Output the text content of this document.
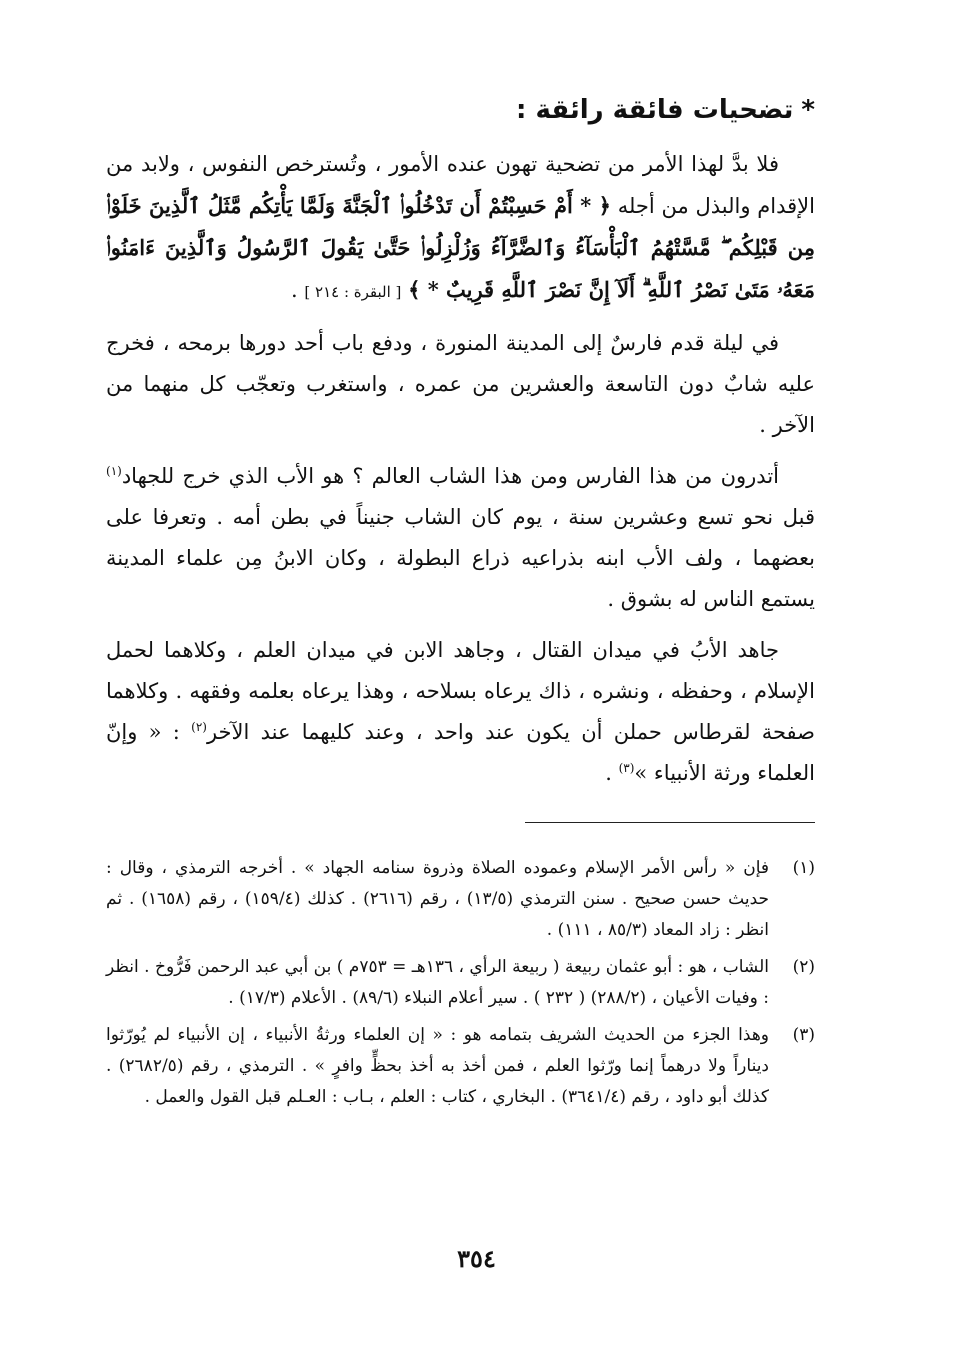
*تضحيات فائقة رائقة :

فلا بدَّ لهذا الأمر من تضحية تهون عنده الأمور ، وتُسترخص النفوس ، ولابد من الإقدام والبذل من أجله ﴿ * أَمْ حَسِبْتُمْ أَن تَدْخُلُوا۟ ٱلْجَنَّةَ وَلَمَّا يَأْتِكُم مَّثَلُ ٱلَّذِينَ خَلَوْا۟ مِن قَبْلِكُم ۖ مَّسَّتْهُمُ ٱلْبَأْسَآءُ وَٱلضَّرَّآءُ وَزُلْزِلُوا۟ حَتَّىٰ يَقُولَ ٱلرَّسُولُ وَٱلَّذِينَ ءَامَنُوا۟ مَعَهُۥ مَتَىٰ نَصْرُ ٱللَّهِ ۗ أَلَآ إِنَّ نَصْرَ ٱللَّهِ قَرِيبٌ * ﴾ [ البقرة : ٢١٤ ] .

في ليلة قدم فارسٌ إلى المدينة المنورة ، ودفع باب أحد دورها برمحه ، فخرج عليه شابٌ دون التاسعة والعشرين من عمره ، واستغرب وتعجّب كل منهما من الآخر .

أتدرون من هذا الفارس ومن هذا الشاب العالم ؟ هو الأب الذي خرج للجهاد$^{(١)}$ قبل نحو تسع وعشرين سنة ، يوم كان الشاب جنيناً في بطن أمه . وتعرفا على بعضهما ، ولف الأب ابنه بذراعيه ذراع البطولة ، وكان الابنُ مِن علماء المدينة يستمع الناس له بشوق .

جاهد الأبُ في ميدان القتال ، وجاهد الابن في ميدان العلم ، وكلاهما لحمل الإسلام ، وحفظه ، ونشره ، ذاك يرعاه بسلاحه ، وهذا يرعاه بعلمه وفقهه . وكلاهما صفحة لقرطاس حملن أن يكون عند واحد ، وعند كليهما عند الآخر$^{(٢)}$ : « وإنّ العلماء ورثة الأنبياء »$^{(٣)}$ .

(١)
فإن « رأس الأمر الإسلام وعموده الصلاة وذروة سنامه الجهاد » . أخرجه الترمذي ، وقال : حديث حسن صحيح . سنن الترمذي (١٣/٥) ، رقم (٢٦١٦) . كذلك (١٥٩/٤) ، رقم (١٦٥٨) . ثم انظر : زاد المعاد (٨٥/٣ ، ١١١) .
(٢)
الشاب ، هو : أبو عثمان ربيعة ( ربيعة الرأي ، ١٣٦هـ = ٧٥٣م ) بن أبي عبد الرحمن فَرُّوخ . انظر : وفيات الأعيان ، (٢٨٨/٢) ( ٢٣٢ ) . سير أعلام النبلاء (٨٩/٦) . الأعلام (١٧/٣) .
(٣)
وهذا الجزء من الحديث الشريف بتمامه هو : « إن العلماء ورثةُ الأنبياء ، إن الأنبياء لم يُورّثوا ديناراً ولا درهماً إنما ورّثوا العلم ، فمن أخذ به أخذ بحظٍّ وافرٍ » . الترمذي ، رقم (٢٦٨٢/٥) . كذلك أبو داود ، رقم (٣٦٤١/٤) . البخاري ، كتاب : العلم ، بـاب : العـلم قبل القول والعمل .
٣٥٤
